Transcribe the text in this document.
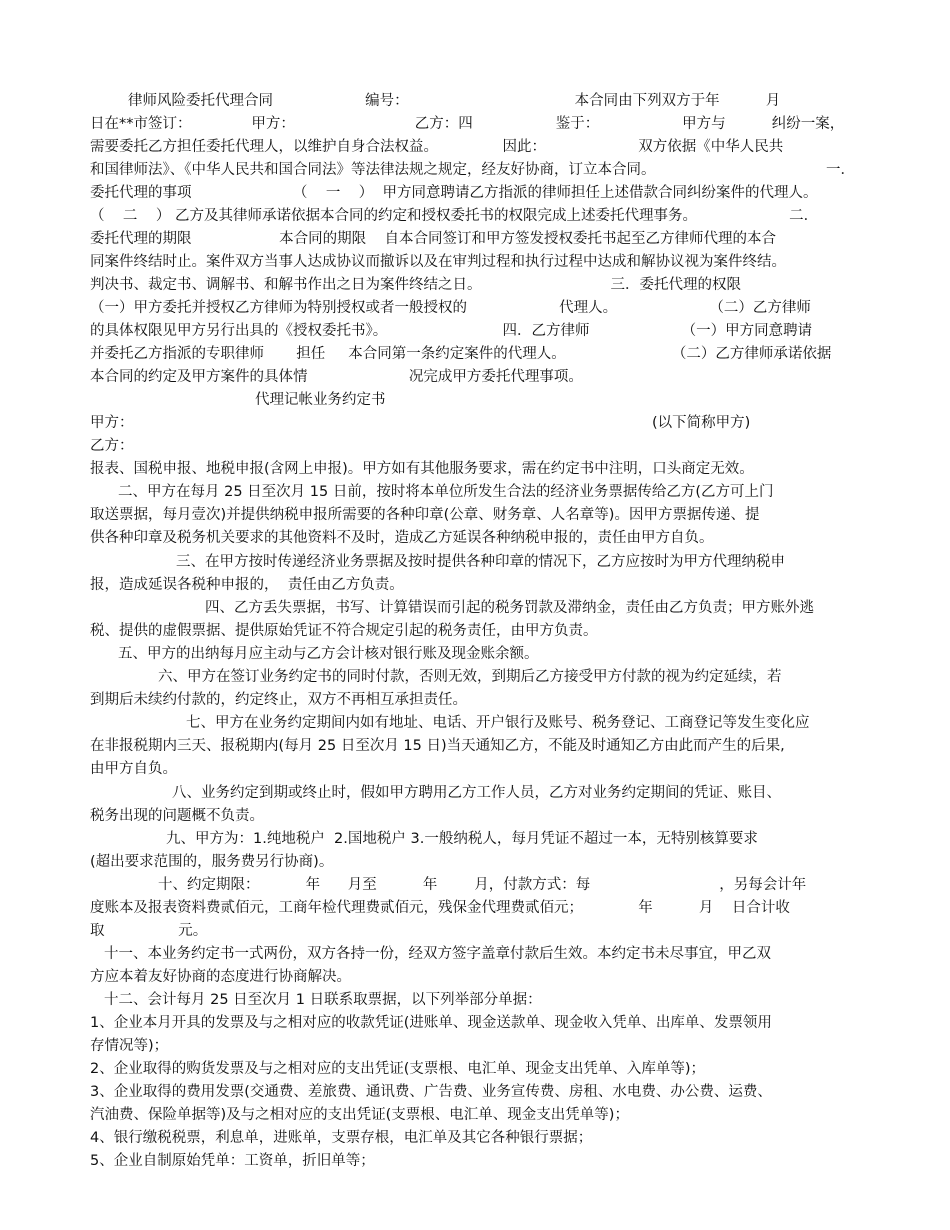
律师风险委托代理合同                    编号：                                    本合同由下列双方于年          月
日在**市签订：             甲方：                          乙方：四                  鉴于：                  甲方与          纠纷一案，
需要委托乙方担任委托代理人，以维护自身合法权益。              因此：                    双方依据《中华人民共
和国律师法》、《中华人民共和国合同法》等法律法规之规定，经友好协商，订立本合同。                                     一．
委托代理的事项                      （    一    ）  甲方同意聘请乙方指派的律师担任上述借款合同纠纷案件的代理人。
（    二    ） 乙方及其律师承诺依据本合同的约定和授权委托书的权限完成上述委托代理事务。                    二．
委托代理的期限                   本合同的期限    自本合同签订和甲方签发授权委托书起至乙方律师代理的本合
同案件终结时止。案件双方当事人达成协议而撤诉以及在审判过程和执行过程中达成和解协议视为案件终结。
判决书、裁定书、调解书、和解书作出之日为案件终结之日。                            三．委托代理的权限
（一）甲方委托并授权乙方律师为特别授权或者一般授权的                    代理人。                    （二）乙方律师
的具体权限见甲方另行出具的《授权委托书》。                         四．乙方律师                    （一）甲方同意聘请
并委托乙方指派的专职律师       担任     本合同第一条约定案件的代理人。                       （二）乙方律师承诺依据
本合同的约定及甲方案件的具体情                      况完成甲方委托代理事项。
代理记帐业务约定书
甲方：	(以下简称甲方)
乙方：
报表、国税申报、地税申报(含网上申报)。甲方如有其他服务要求，需在约定书中注明，口头商定无效。
二、甲方在每月 25 日至次月 15 日前，按时将本单位所发生合法的经济业务票据传给乙方(乙方可上门
取送票据，每月壹次)并提供纳税申报所需要的各种印章(公章、财务章、人名章等)。因甲方票据传递、提
供各种印章及税务机关要求的其他资料不及时，造成乙方延误各种纳税申报的，责任由甲方自负。
三、在甲方按时传递经济业务票据及按时提供各种印章的情况下，乙方应按时为甲方代理纳税申
报，造成延误各税种申报的，  责任由乙方负责。
四、乙方丢失票据，书写、计算错误而引起的税务罚款及滞纳金，责任由乙方负责；甲方账外逃
税、提供的虚假票据、提供原始凭证不符合规定引起的税务责任，由甲方负责。
五、甲方的出纳每月应主动与乙方会计核对银行账及现金账余额。
六、甲方在签订业务约定书的同时付款，否则无效，到期后乙方接受甲方付款的视为约定延续，若
到期后未续约付款的，约定终止，双方不再相互承担责任。
七、甲方在业务约定期间内如有地址、电话、开户银行及账号、税务登记、工商登记等发生变化应
在非报税期内三天、报税期内(每月 25 日至次月 15 日)当天通知乙方，不能及时通知乙方由此而产生的后果,
由甲方自负。
八、业务约定到期或终止时，假如甲方聘用乙方工作人员，乙方对业务约定期间的凭证、账目、
税务出现的问题概不负责。
九、甲方为：1.纯地税户  2.国地税户 3.一般纳税人，每月凭证不超过一本，无特别核算要求
(超出要求范围的，服务费另行协商)。
十、约定期限：          年      月至          年        月，付款方式：每                            ，另每会计年
度账本及报表资料费贰佰元，工商年检代理费贰佰元，残保金代理费贰佰元；            年          月    日合计收
取                元。
十一、本业务约定书一式两份，双方各持一份，经双方签字盖章付款后生效。本约定书未尽事宜，甲乙双
方应本着友好协商的态度进行协商解决。
十二、会计每月 25 日至次月 1 日联系取票据，以下列举部分单据：
1、企业本月开具的发票及与之相对应的收款凭证(进账单、现金送款单、现金收入凭单、出库单、发票领用
存情况等)；
2、企业取得的购货发票及与之相对应的支出凭证(支票根、电汇单、现金支出凭单、入库单等)；
3、企业取得的费用发票(交通费、差旅费、通讯费、广告费、业务宣传费、房租、水电费、办公费、运费、
汽油费、保险单据等)及与之相对应的支出凭证(支票根、电汇单、现金支出凭单等)；
4、银行缴税税票，利息单，进账单，支票存根，电汇单及其它各种银行票据；
5、企业自制原始凭单：工资单，折旧单等；
